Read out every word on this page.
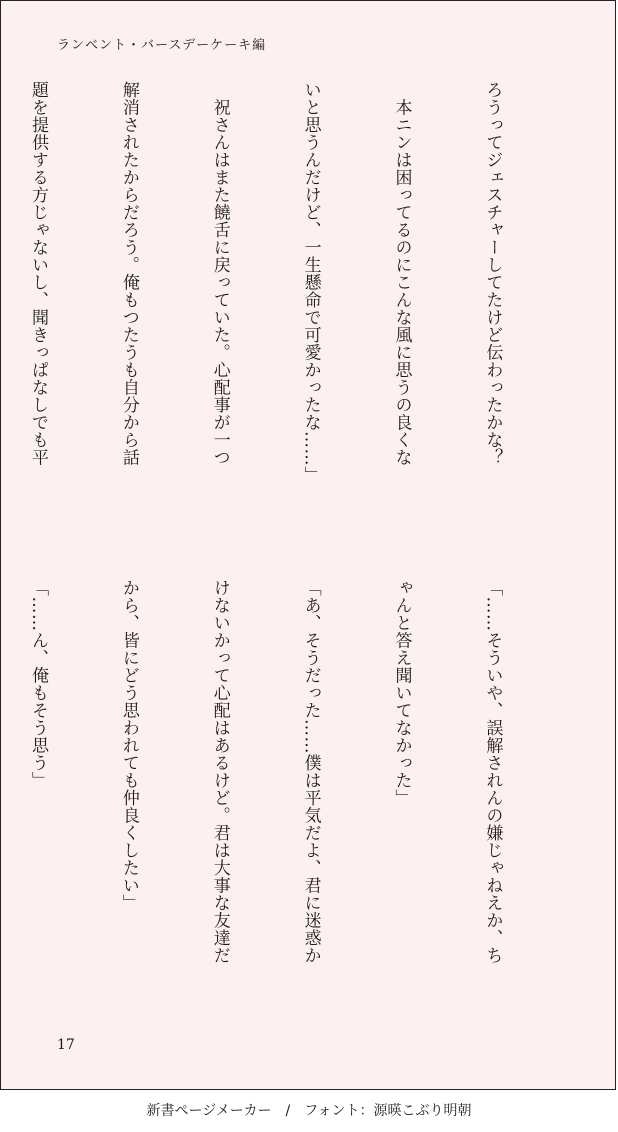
ランベント・バースデーケーキ編

ろうってジェスチャーしてたけど伝わったかな？

　本ニンは困ってるのにこんな風に思うの良くな

いと思うんだけど、一生懸命で可愛かったな……」

　祝さんはまた饒舌に戻っていた。心配事が一つ

解消されたからだろう。俺もつたうも自分から話

題を提供する方じゃないし、聞きっぱなしでも平

「……そういや、誤解されんの嫌じゃねえか、ち

ゃんと答え聞いてなかった」

「あ、そうだった……僕は平気だよ、君に迷惑か

けないかって心配はあるけど。君は大事な友達だ

から、皆にどう思われても仲良くしたい」

「……ん、俺もそう思う」

17
新書ページメーカー　/　フォント：源暎こぶり明朝
